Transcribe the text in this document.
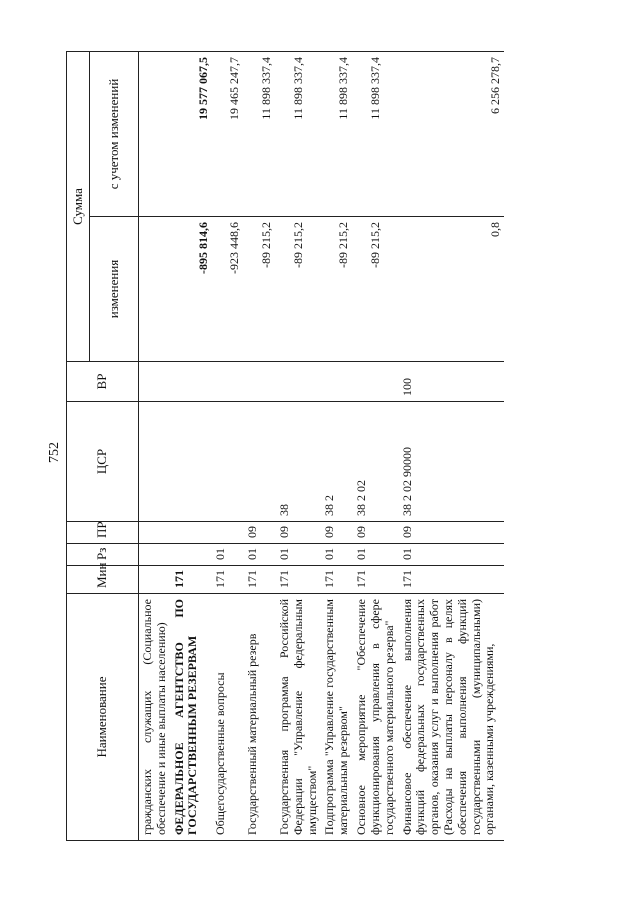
752
Наименование	Мин	Рз	ПР	ЦСР	ВР	Сумма	
						изменения	с учетом изменений
гражданских служащих (Социальное обеспечение и иные выплаты населению)							
ФЕДЕРАЛЬНОЕ АГЕНТСТВО ПО ГОСУДАРСТВЕННЫМ РЕЗЕРВАМ	171					-895 814,6	19 577 067,5
Общегосударственные вопросы	171	01				-923 448,6	19 465 247,7
Государственный материальный резерв	171	01	09			-89 215,2	11 898 337,4
Государственная программа Российской Федерации "Управление федеральным имуществом"	171	01	09	38		-89 215,2	11 898 337,4
Подпрограмма "Управление государственным материальным резервом"	171	01	09	38 2		-89 215,2	11 898 337,4
Основное мероприятие "Обеспечение функционирования управления в сфере государственного материального резерва"	171	01	09	38 2 02		-89 215,2	11 898 337,4
Финансовое обеспечение выполнения функций федеральных государственных органов, оказания услуг и выполнения работ (Расходы на выплаты персоналу в целях обеспечения выполнения функций государственными (муниципальными) органами, казенными учреждениями,	171	01	09	38 2 02 90000	100	0,8	6 256 278,7
